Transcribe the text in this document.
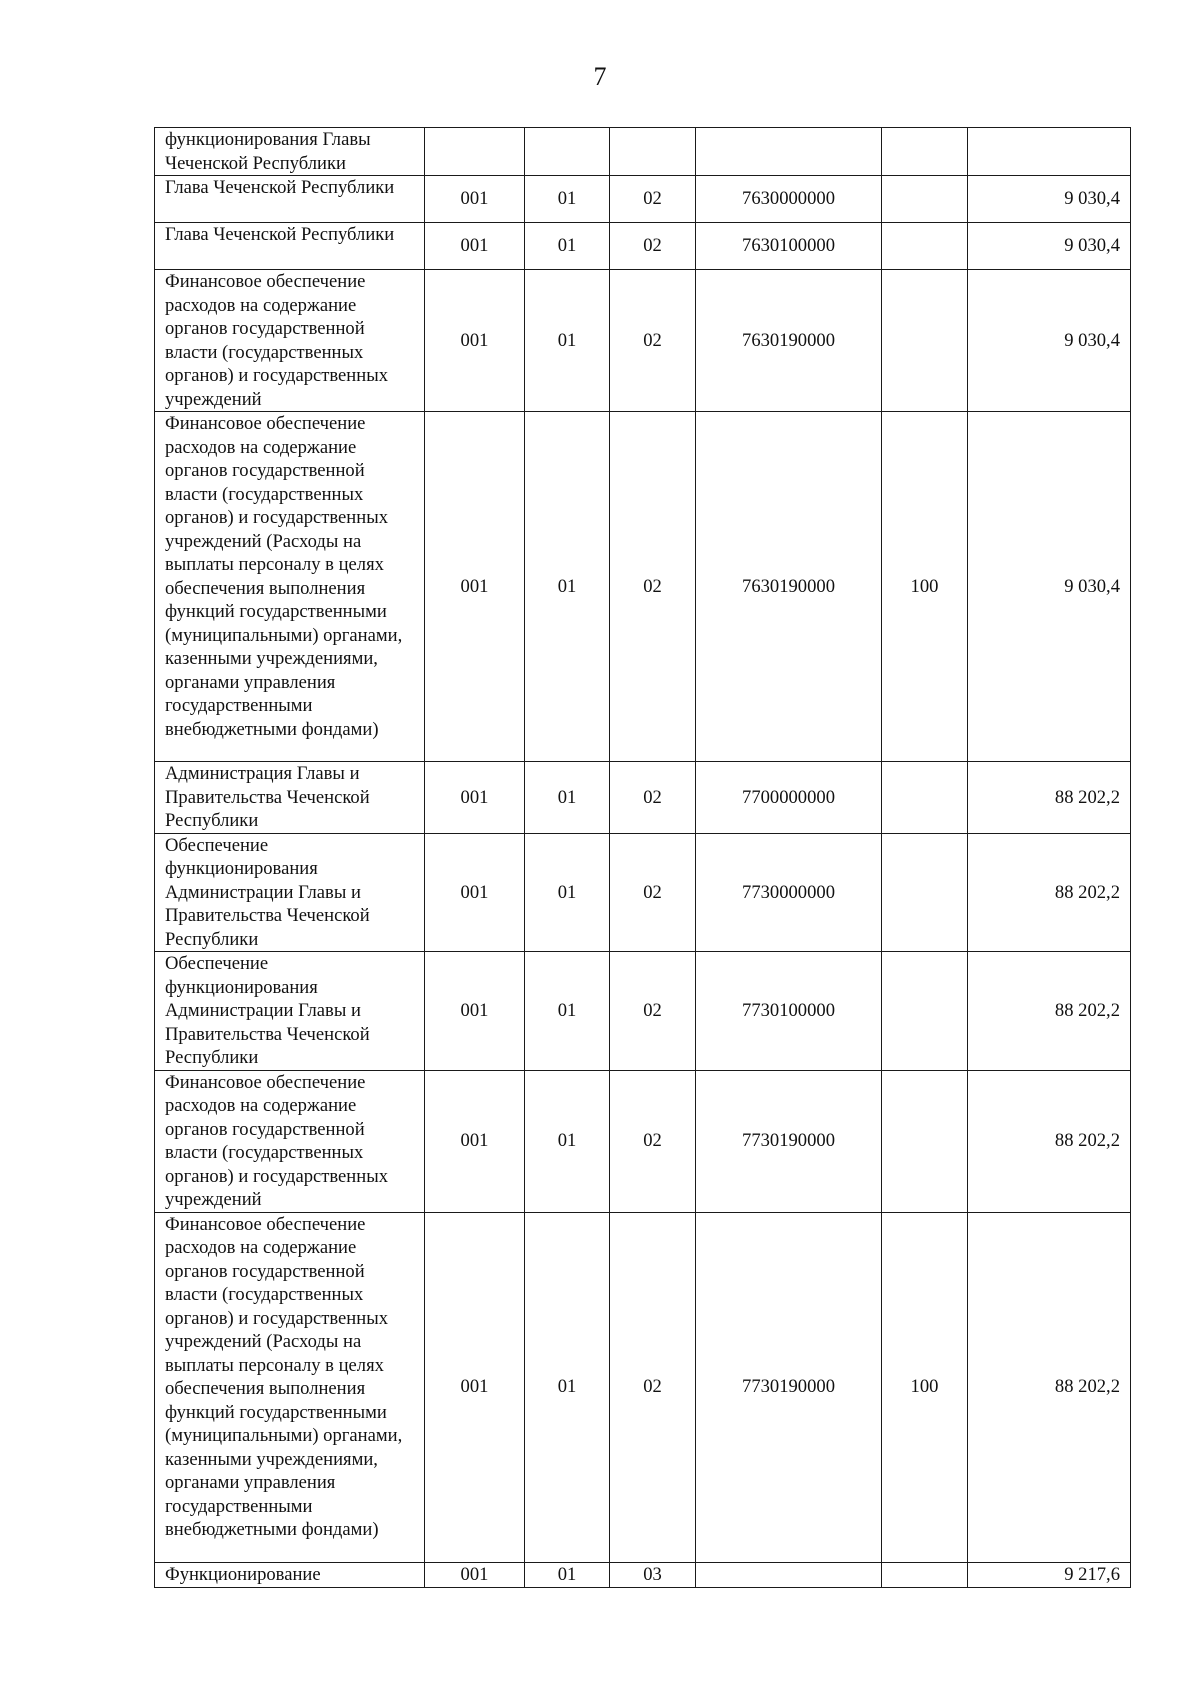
7
функционирования Главы Чеченской Республики						
Глава Чеченской Республики	001	01	02	7630000000		9 030,4
Глава Чеченской Республики	001	01	02	7630100000		9 030,4
Финансовое обеспечение расходов на содержание органов государственной власти (государственных органов) и государственных учреждений	001	01	02	7630190000		9 030,4
Финансовое обеспечение расходов на содержание органов государственной власти (государственных органов) и государственных учреждений (Расходы на выплаты персоналу в целях обеспечения выполнения функций государственными (муниципальными) органами, казенными учреждениями, органами управления государственными внебюджетными фондами)	001	01	02	7630190000	100	9 030,4
Администрация Главы и Правительства Чеченской Республики	001	01	02	7700000000		88 202,2
Обеспечение функционирования Администрации Главы и Правительства Чеченской Республики	001	01	02	7730000000		88 202,2
Обеспечение функционирования Администрации Главы и Правительства Чеченской Республики	001	01	02	7730100000		88 202,2
Финансовое обеспечение расходов на содержание органов государственной власти (государственных органов) и государственных учреждений	001	01	02	7730190000		88 202,2
Финансовое обеспечение расходов на содержание органов государственной власти (государственных органов) и государственных учреждений (Расходы на выплаты персоналу в целях обеспечения выполнения функций государственными (муниципальными) органами, казенными учреждениями, органами управления государственными внебюджетными фондами)	001	01	02	7730190000	100	88 202,2
Функционирование	001	01	03			9 217,6
